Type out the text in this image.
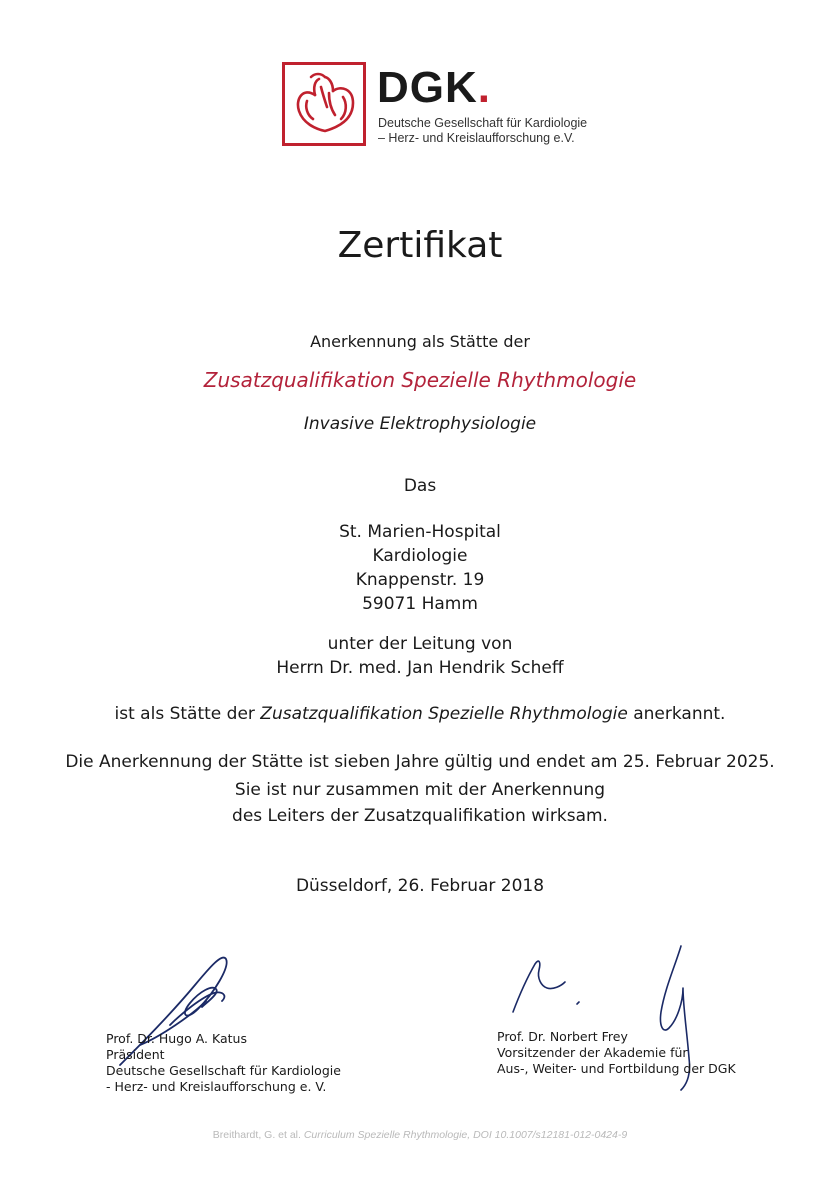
DGK.
Deutsche Gesellschaft für Kardiologie
– Herz- und Kreislaufforschung e.V.
Zertifikat
Anerkennung als Stätte der
Zusatzqualifikation Spezielle Rhythmologie
Invasive Elektrophysiologie
Das
St. Marien-Hospital
Kardiologie
Knappenstr. 19
59071 Hamm
unter der Leitung von
Herrn Dr. med. Jan Hendrik Scheff
ist als Stätte der Zusatzqualifikation Spezielle Rhythmologie anerkannt.
Die Anerkennung der Stätte ist sieben Jahre gültig und endet am 25. Februar 2025.
Sie ist nur zusammen mit der Anerkennung
des Leiters der Zusatzqualifikation wirksam.
Düsseldorf, 26. Februar 2018
Prof. Dr. Hugo A. Katus
Präsident
Deutsche Gesellschaft für Kardiologie
- Herz- und Kreislaufforschung e. V.
Prof. Dr. Norbert Frey
Vorsitzender der Akademie für
Aus-, Weiter- und Fortbildung der DGK
Breithardt, G. et al. Curriculum Spezielle Rhythmologie, DOI 10.1007/s12181-012-0424-9
